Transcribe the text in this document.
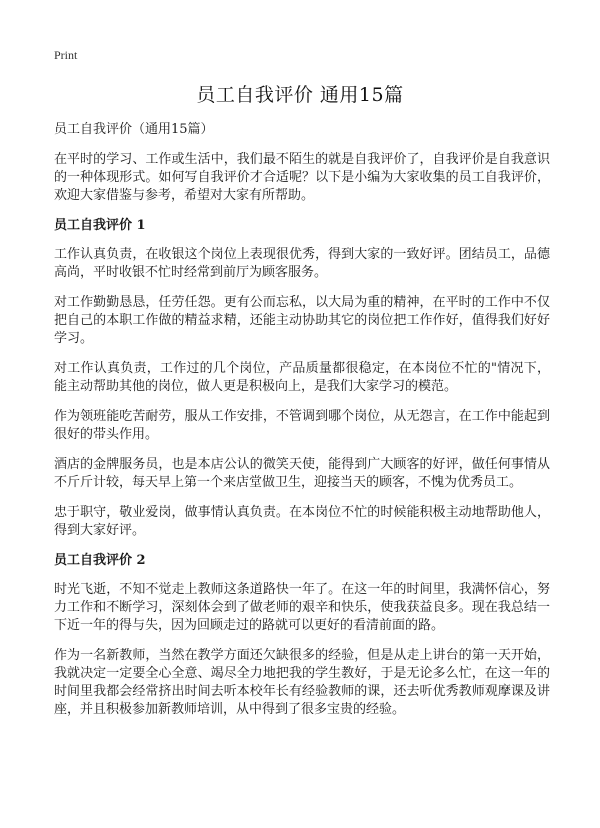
Print
员工自我评价 通用15篇

员工自我评价（通用15篇）

在平时的学习、工作或生活中，我们最不陌生的就是自我评价了，自我评价是自我意识的一种体现形式。如何写自我评价才合适呢？以下是小编为大家收集的员工自我评价，欢迎大家借鉴与参考，希望对大家有所帮助。

员工自我评价 1

工作认真负责，在收银这个岗位上表现很优秀，得到大家的一致好评。团结员工，品德高尚，平时收银不忙时经常到前厅为顾客服务。

对工作勤勤恳恳，任劳任怨。更有公而忘私，以大局为重的精神，在平时的工作中不仅把自己的本职工作做的精益求精，还能主动协助其它的岗位把工作作好，值得我们好好学习。

对工作认真负责，工作过的几个岗位，产品质量都很稳定，在本岗位不忙的"情况下，能主动帮助其他的岗位，做人更是积极向上，是我们大家学习的模范。

作为领班能吃苦耐劳，服从工作安排，不管调到哪个岗位，从无怨言，在工作中能起到很好的带头作用。

酒店的金牌服务员，也是本店公认的微笑天使，能得到广大顾客的好评，做任何事情从不斤斤计较，每天早上第一个来店堂做卫生，迎接当天的顾客，不愧为优秀员工。

忠于职守，敬业爱岗，做事情认真负责。在本岗位不忙的时候能积极主动地帮助他人，得到大家好评。

员工自我评价 2

时光飞逝，不知不觉走上教师这条道路快一年了。在这一年的时间里，我满怀信心，努力工作和不断学习，深刻体会到了做老师的艰辛和快乐，使我获益良多。现在我总结一下近一年的得与失，因为回顾走过的路就可以更好的看清前面的路。

作为一名新教师，当然在教学方面还欠缺很多的经验，但是从走上讲台的第一天开始，我就决定一定要全心全意、竭尽全力地把我的学生教好，于是无论多么忙，在这一年的时间里我都会经常挤出时间去听本校年长有经验教师的课，还去听优秀教师观摩课及讲座，并且积极参加新教师培训，从中得到了很多宝贵的经验。
